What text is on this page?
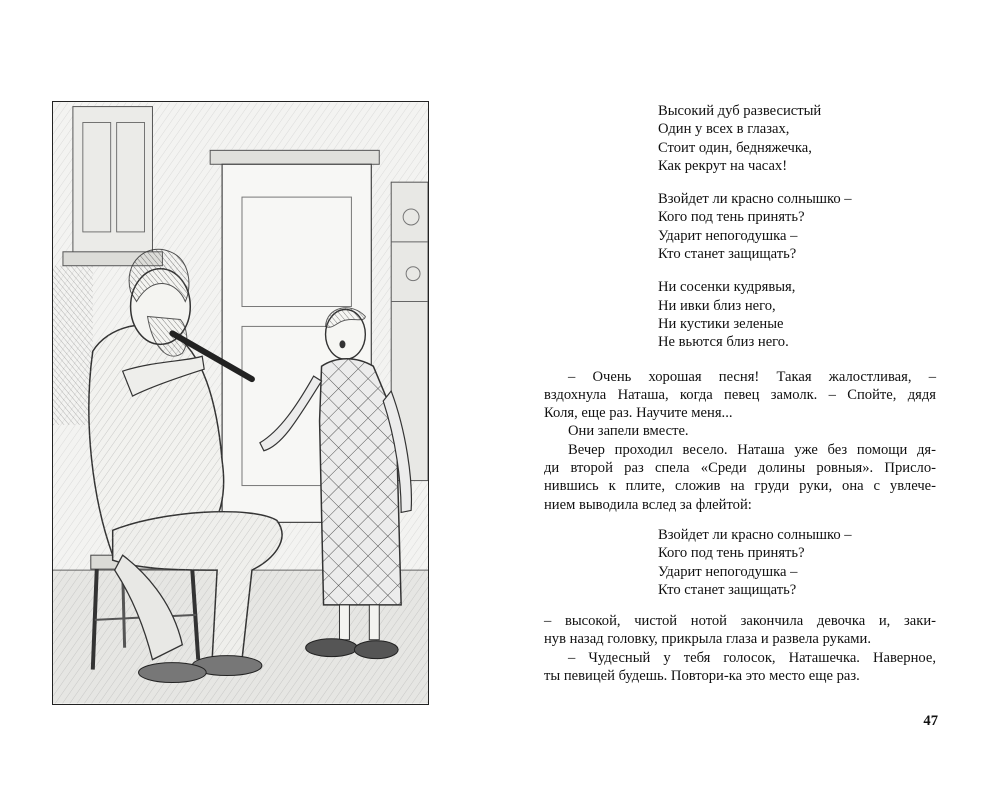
Высокий дуб развесистый
Один у всех в глазах,
Стоит один, бедняжечка,
Как рекрут на часах!
Взойдет ли красно солнышко –
Кого под тень принять?
Ударит непогодушка –
Кто станет защищать?
Ни сосенки кудрявыя,
Ни ивки близ него,
Ни кустики зеленые
Не вьются близ него.
– Очень хорошая песня! Такая жалостливая, –
вздохнула Наташа, когда певец замолк. – Спойте, дядя
Коля, еще раз. Научите меня...
Они запели вместе.
Вечер проходил весело. Наташа уже без помощи дя-
ди второй раз спела «Среди долины ровныя». Присло-
нившись к плите, сложив на груди руки, она с увлече-
нием выводила вслед за флейтой:
Взойдет ли красно солнышко –
Кого под тень принять?
Ударит непогодушка –
Кто станет защищать?
– высокой, чистой нотой закончила девочка и, заки-
нув назад головку, прикрыла глаза и развела руками.
– Чудесный у тебя голосок, Наташечка. Наверное,
ты певицей будешь. Повтори-ка это место еще раз.
47
